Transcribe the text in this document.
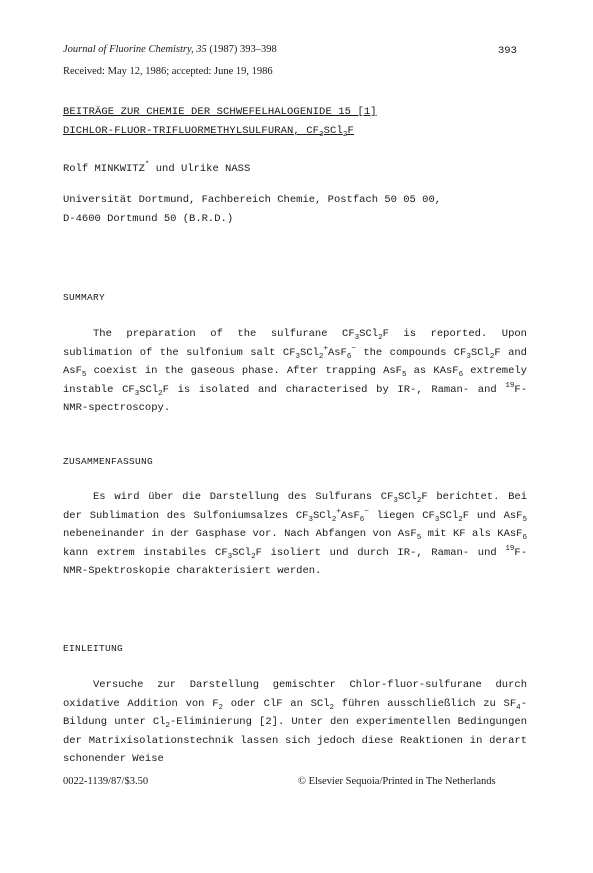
Journal of Fluorine Chemistry, 35 (1987) 393–398	393
Received: May 12, 1986; accepted: June 19, 1986
BEITRÄGE ZUR CHEMIE DER SCHWEFELHALOGENIDE 15 [1]
DICHLOR-FLUOR-TRIFLUORMETHYLSULFURAN, $CF_3SCl_2F$
Rolf MINKWITZ* und Ulrike NASS
Universität Dortmund, Fachbereich Chemie, Postfach 50 05 00,
D-4600 Dortmund 50 (B.R.D.)
SUMMARY
The preparation of the sulfurane $CF_3SCl_2F$ is reported. Upon sublimation of the sulfonium salt $CF_3SCl_2^+AsF_6^-$ the compounds $CF_3SCl_2F$ and AsF$_5$ coexist in the gaseous phase. After trapping AsF$_5$ as KAsF$_6$ extremely instable $CF_3SCl_2F$ is isolated and characterised by IR-, Raman- and $^{19}$F-NMR-spectroscopy.
ZUSAMMENFASSUNG
Es wird über die Darstellung des Sulfurans $CF_3SCl_2F$ berichtet. Bei der Sublimation des Sulfoniumsalzes $CF_3SCl_2^+AsF_6^-$ liegen $CF_3SCl_2F$ und AsF$_5$ nebeneinander in der Gasphase vor. Nach Abfangen von AsF$_5$ mit KF als KAsF$_6$ kann extrem instabiles $CF_3SCl_2F$ isoliert und durch IR-, Raman- und $^{19}$F-NMR-Spektroskopie charakterisiert werden.
EINLEITUNG
Versuche zur Darstellung gemischter Chlor-fluor-sulfurane durch oxidative Addition von $F_2$ oder ClF an SCl$_2$ führen ausschließlich zu $SF_4$-Bildung unter $Cl_2$-Eliminierung [2]. Unter den experimentellen Bedingungen der Matrixisolationstechnik lassen sich jedoch diese Reaktionen in derart schonender Weise
0022-1139/87/$3.50	© Elsevier Sequoia/Printed in The Netherlands
